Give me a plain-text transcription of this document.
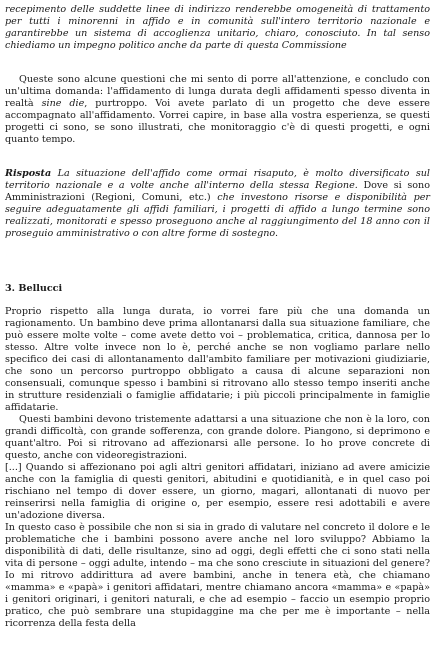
recepimento delle suddette linee di indirizzo renderebbe omogeneità di trattamento per tutti i minorenni in affido e in comunità sull'intero territorio nazionale e garantirebbe un sistema di accoglienza unitario, chiaro, conosciuto. In tal senso chiediamo un impegno politico anche da parte di questa Commissione

Queste sono alcune questioni che mi sento di porre all'attenzione, e concludo con un'ultima domanda: l'affidamento di lunga durata degli affidamenti spesso diventa in realtà sine die, purtroppo. Voi avete parlato di un progetto che deve essere accompagnato all'affidamento. Vorrei capire, in base alla vostra esperienza, se questi progetti ci sono, se sono illustrati, che monitoraggio c'è di questi progetti, e ogni quanto tempo.

Risposta La situazione dell'affido come ormai risaputo, è molto diversificato sul territorio nazionale e a volte anche all'interno della stessa Regione. Dove si sono Amministrazioni (Regioni, Comuni, etc.) che investono risorse e disponibilità per seguire adeguatamente gli affidi familiari, i progetti di affido a lungo termine sono realizzati, monitorati e spesso proseguono anche al raggiungimento del 18 anno con il proseguio amministrativo o con altre forme di sostegno.

3. Bellucci

Proprio rispetto alla lunga durata, io vorrei fare più che una domanda un ragionamento. Un bambino deve prima allontanarsi dalla sua situazione familiare, che può essere molte volte – come avete detto voi – problematica, critica, dannosa per lo stesso. Altre volte invece non lo è, perché anche se non vogliamo parlare nello specifico dei casi di allontanamento dall'ambito familiare per motivazioni giudiziarie, che sono un percorso purtroppo obbligato a causa di alcune separazioni non consensuali, comunque spesso i bambini si ritrovano allo stesso tempo inseriti anche in strutture residenziali o famiglie affidatarie; i più piccoli principalmente in famiglie affidatarie.

Questi bambini devono tristemente adattarsi a una situazione che non è la loro, con grandi difficoltà, con grande sofferenza, con grande dolore. Piangono, si deprimono e quant'altro. Poi si ritrovano ad affezionarsi alle persone. Io ho prove concrete di questo, anche con videoregistrazioni.

[...] Quando si affezionano poi agli altri genitori affidatari, iniziano ad avere amicizie anche con la famiglia di questi genitori, abitudini e quotidianità, e in quel caso poi rischiano nel tempo di dover essere, un giorno, magari, allontanati di nuovo per reinserirsi nella famiglia di origine o, per esempio, essere resi adottabili e avere un'adozione diversa.

In questo caso è possibile che non si sia in grado di valutare nel concreto il dolore e le problematiche che i bambini possono avere anche nel loro sviluppo? Abbiamo la disponibilità di dati, delle risultanze, sino ad oggi, degli effetti che ci sono stati nella vita di persone – oggi adulte, intendo – ma che sono cresciute in situazioni del genere? Io mi ritrovo addirittura ad avere bambini, anche in tenera età, che chiamano «mamma» e «papà» i genitori affidatari, mentre chiamano ancora «mamma» e «papà» i genitori originari, i genitori naturali, e che ad esempio – faccio un esempio proprio pratico, che può sembrare una stupidaggine ma che per me è importante – nella ricorrenza della festa della
